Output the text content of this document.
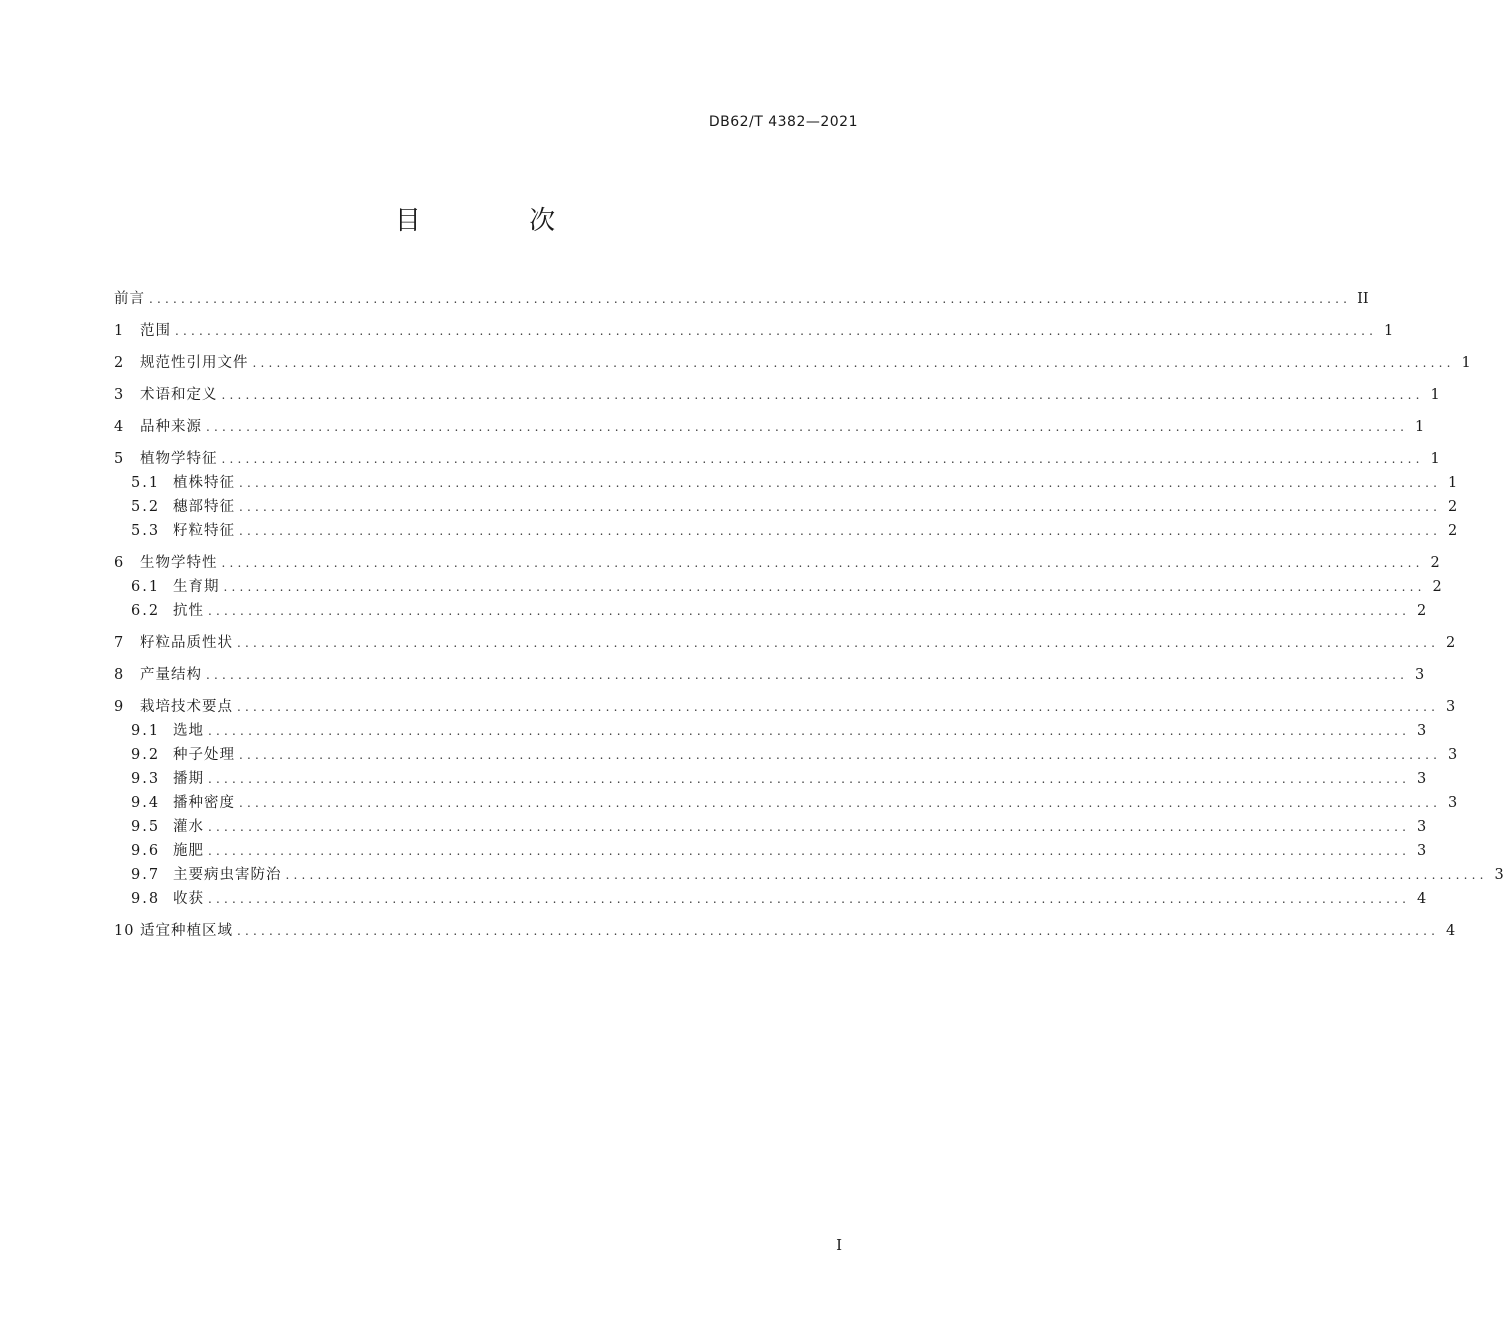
DB62/T 4382—2021
目 次
前言 ...................................................................................................................................................... II
1	范围 ...................................................................................................................................................... 1
2	规范性引用文件 ...................................................................................................................................................... 1
3	术语和定义 ...................................................................................................................................................... 1
4	品种来源 ...................................................................................................................................................... 1
5	植物学特征 ...................................................................................................................................................... 1
5.1 植株特征 ...................................................................................................................................................... 1
5.2 穗部特征 ...................................................................................................................................................... 2
5.3 籽粒特征 ...................................................................................................................................................... 2
6	生物学特性 ...................................................................................................................................................... 2
6.1 生育期 ...................................................................................................................................................... 2
6.2 抗性 ...................................................................................................................................................... 2
7	籽粒品质性状 ...................................................................................................................................................... 2
8	产量结构 ...................................................................................................................................................... 3
9	栽培技术要点 ...................................................................................................................................................... 3
9.1 选地 ...................................................................................................................................................... 3
9.2 种子处理 ...................................................................................................................................................... 3
9.3 播期 ...................................................................................................................................................... 3
9.4 播种密度 ...................................................................................................................................................... 3
9.5 灌水 ...................................................................................................................................................... 3
9.6 施肥 ...................................................................................................................................................... 3
9.7 主要病虫害防治 ...................................................................................................................................................... 3
9.8 收获 ...................................................................................................................................................... 4
10 适宜种植区域 ...................................................................................................................................................... 4
I
